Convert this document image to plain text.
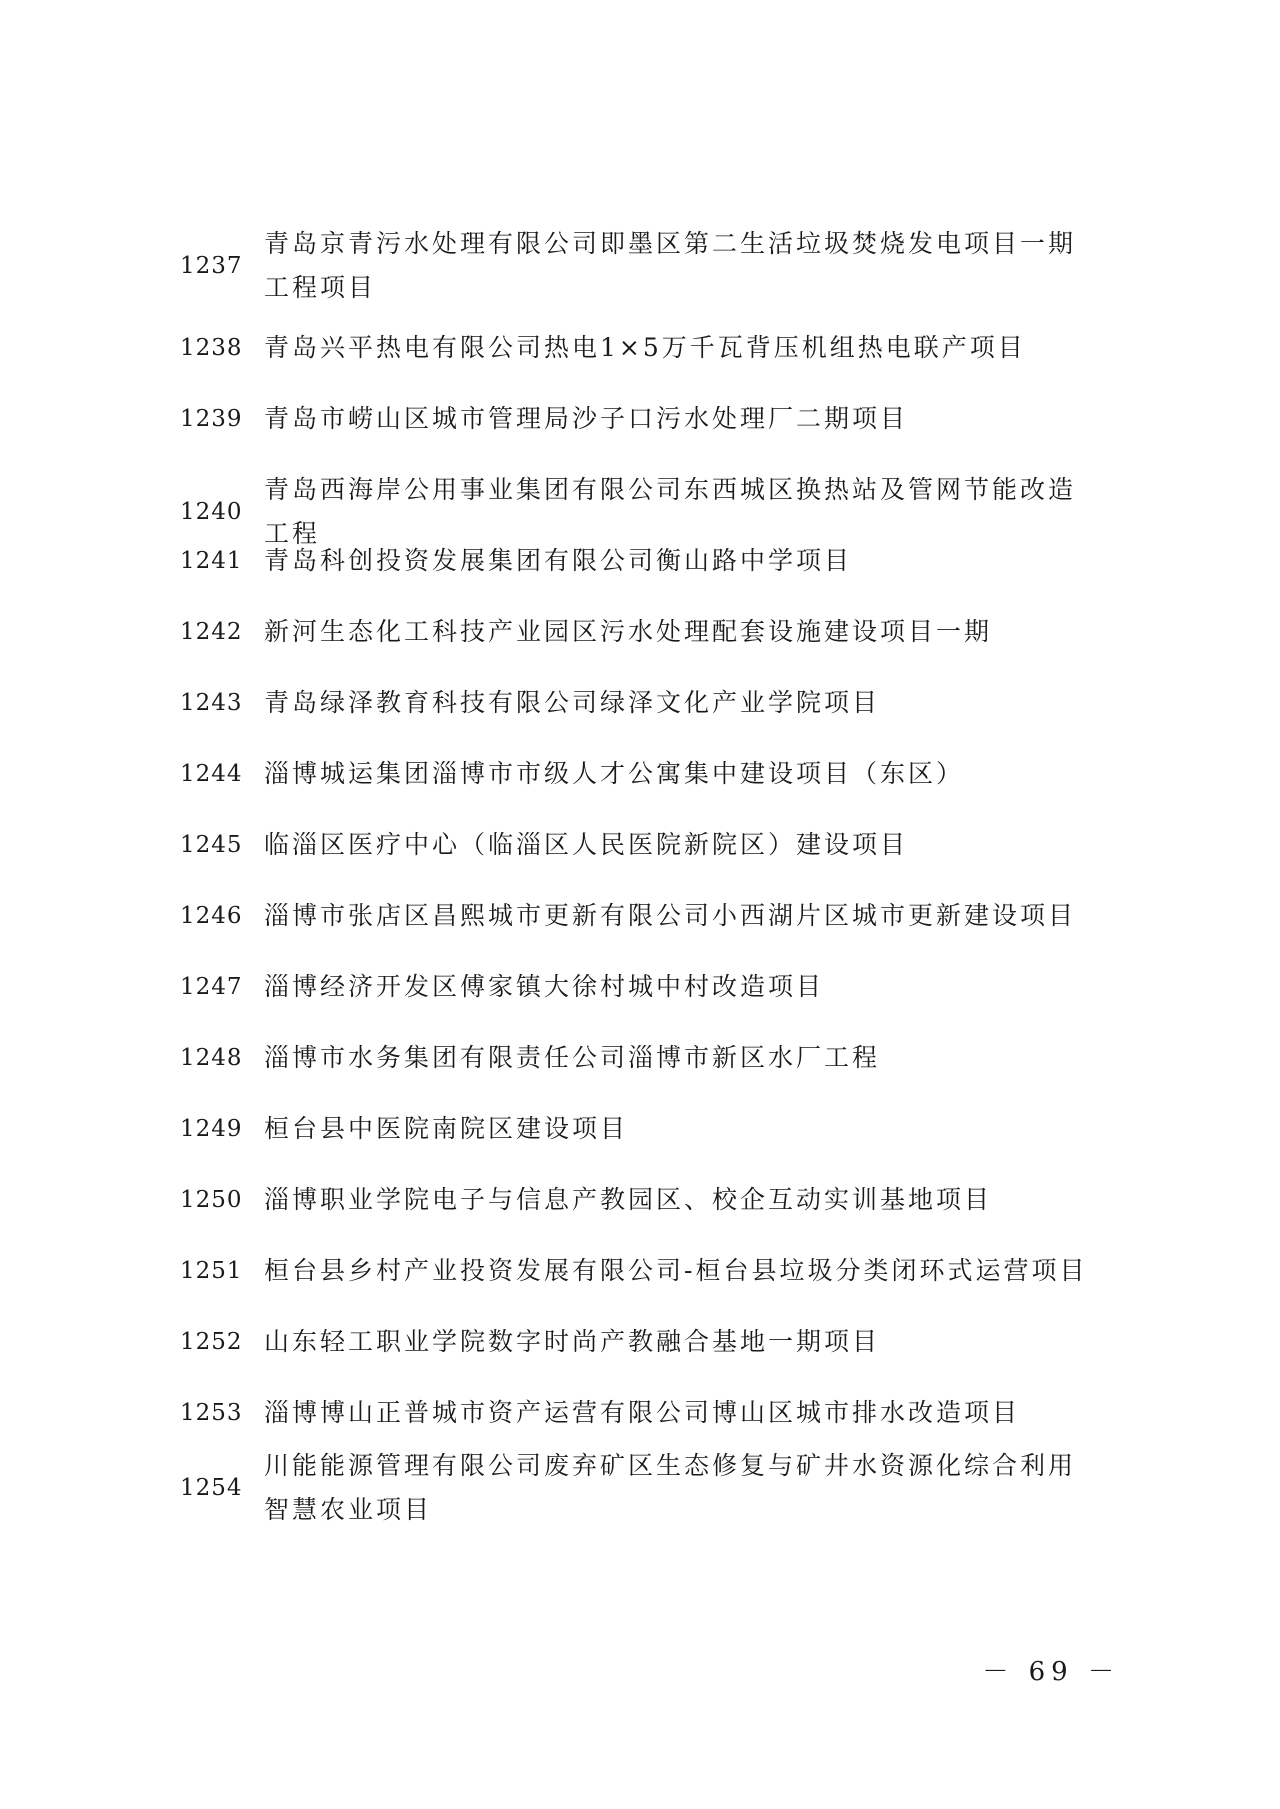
1237
青岛京青污水处理有限公司即墨区第二生活垃圾焚烧发电项目一期工程项目
1238 青岛兴平热电有限公司热电1×5万千瓦背压机组热电联产项目
1239 青岛市崂山区城市管理局沙子口污水处理厂二期项目
1240
青岛西海岸公用事业集团有限公司东西城区换热站及管网节能改造工程
1241 青岛科创投资发展集团有限公司衡山路中学项目
1242 新河生态化工科技产业园区污水处理配套设施建设项目一期
1243 青岛绿泽教育科技有限公司绿泽文化产业学院项目
1244 淄博城运集团淄博市市级人才公寓集中建设项目（东区）
1245 临淄区医疗中心（临淄区人民医院新院区）建设项目
1246 淄博市张店区昌熙城市更新有限公司小西湖片区城市更新建设项目
1247 淄博经济开发区傅家镇大徐村城中村改造项目
1248 淄博市水务集团有限责任公司淄博市新区水厂工程
1249 桓台县中医院南院区建设项目
1250 淄博职业学院电子与信息产教园区、校企互动实训基地项目
1251 桓台县乡村产业投资发展有限公司-桓台县垃圾分类闭环式运营项目
1252 山东轻工职业学院数字时尚产教融合基地一期项目
1253 淄博博山正普城市资产运营有限公司博山区城市排水改造项目
1254
川能能源管理有限公司废弃矿区生态修复与矿井水资源化综合利用智慧农业项目
－ 69 －
